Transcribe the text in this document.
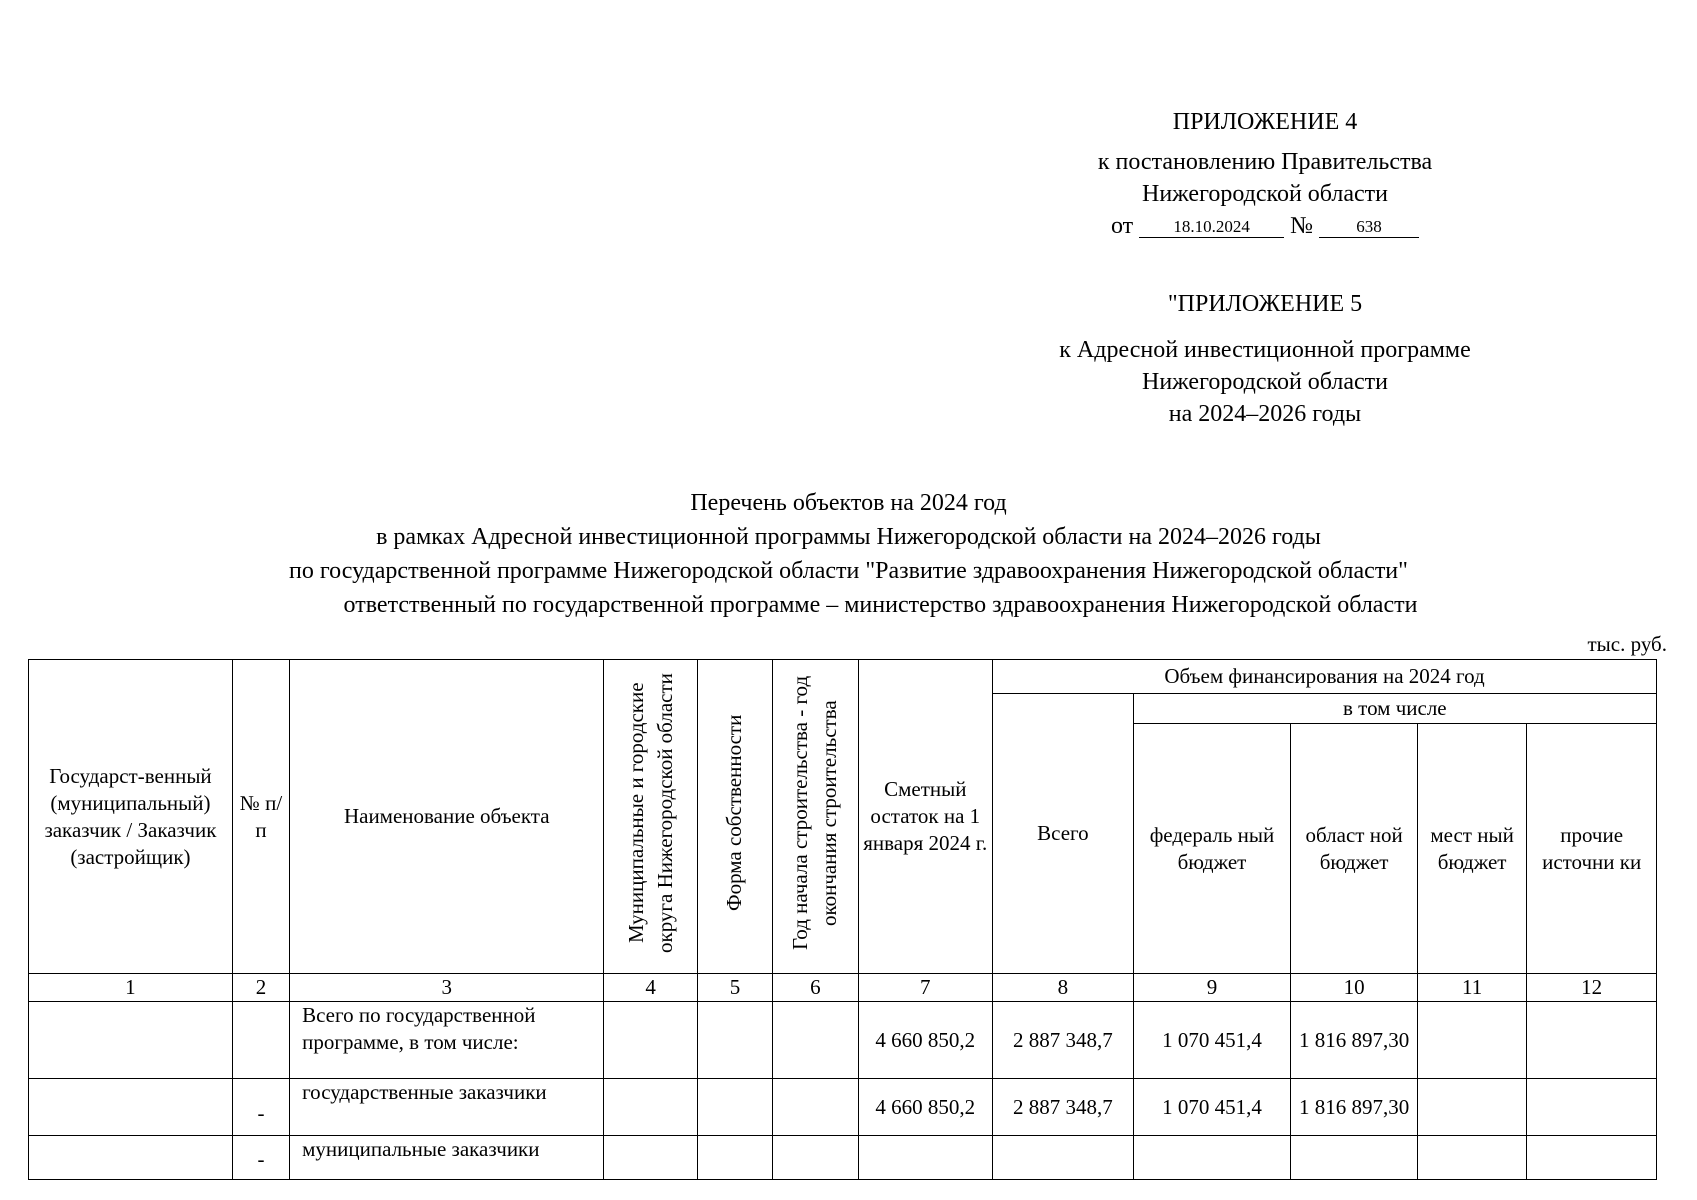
ПРИЛОЖЕНИЕ 4
к постановлению Правительства
Нижегородской области
от	18.10.2024	№	638
"ПРИЛОЖЕНИЕ 5
к Адресной инвестиционной программе
Нижегородской области
на 2024–2026 годы
Перечень объектов на 2024 год
в рамках Адресной инвестиционной программы Нижегородской области на 2024–2026 годы
по государственной программе Нижегородской области "Развитие здравоохранения Нижегородской области"
ответственный по государственной программе – министерство здравоохранения Нижегородской области
тыс. руб.
Государст-венный (муниципальный) заказчик / Заказчик (застройщик)	№ п/п	Наименование объекта	Муниципальные и городские округа Нижегородской области	Форма собственности	Год начала строительства - год окончания строительства	Сметный остаток на 1 января 2024 г.	Объем финансирования на 2024 год				
							Всего	в том числе			
								федераль ный бюджет	област ной бюджет	мест ный бюджет	прочие источни ки
1	2	3	4	5	6	7	8	9	10	11	12
		Всего по государственной программе, в том числе:				4 660 850,2	2 887 348,7	1 070 451,4	1 816 897,30		
	-	государственные заказчики				4 660 850,2	2 887 348,7	1 070 451,4	1 816 897,30		
	-	муниципальные заказчики									
